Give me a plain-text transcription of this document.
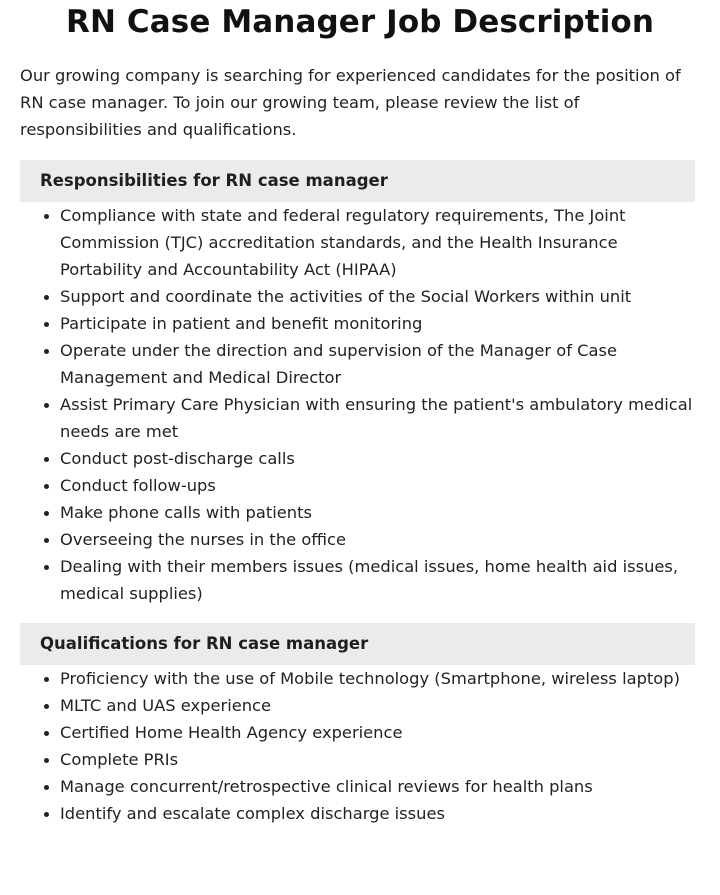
RN Case Manager Job Description

Our growing company is searching for experienced candidates for the position of RN case manager. To join our growing team, please review the list of responsibilities and qualifications.

Responsibilities for RN case manager
• Compliance with state and federal regulatory requirements, The Joint Commission (TJC) accreditation standards, and the Health Insurance Portability and Accountability Act (HIPAA)
• Support and coordinate the activities of the Social Workers within unit
• Participate in patient and benefit monitoring
• Operate under the direction and supervision of the Manager of Case Management and Medical Director
• Assist Primary Care Physician with ensuring the patient's ambulatory medical needs are met
• Conduct post-discharge calls
• Conduct follow-ups
• Make phone calls with patients
• Overseeing the nurses in the office
• Dealing with their members issues (medical issues, home health aid issues, medical supplies)
Qualifications for RN case manager
• Proficiency with the use of Mobile technology (Smartphone, wireless laptop)
• MLTC and UAS experience
• Certified Home Health Agency experience
• Complete PRIs
• Manage concurrent/retrospective clinical reviews for health plans
• Identify and escalate complex discharge issues
